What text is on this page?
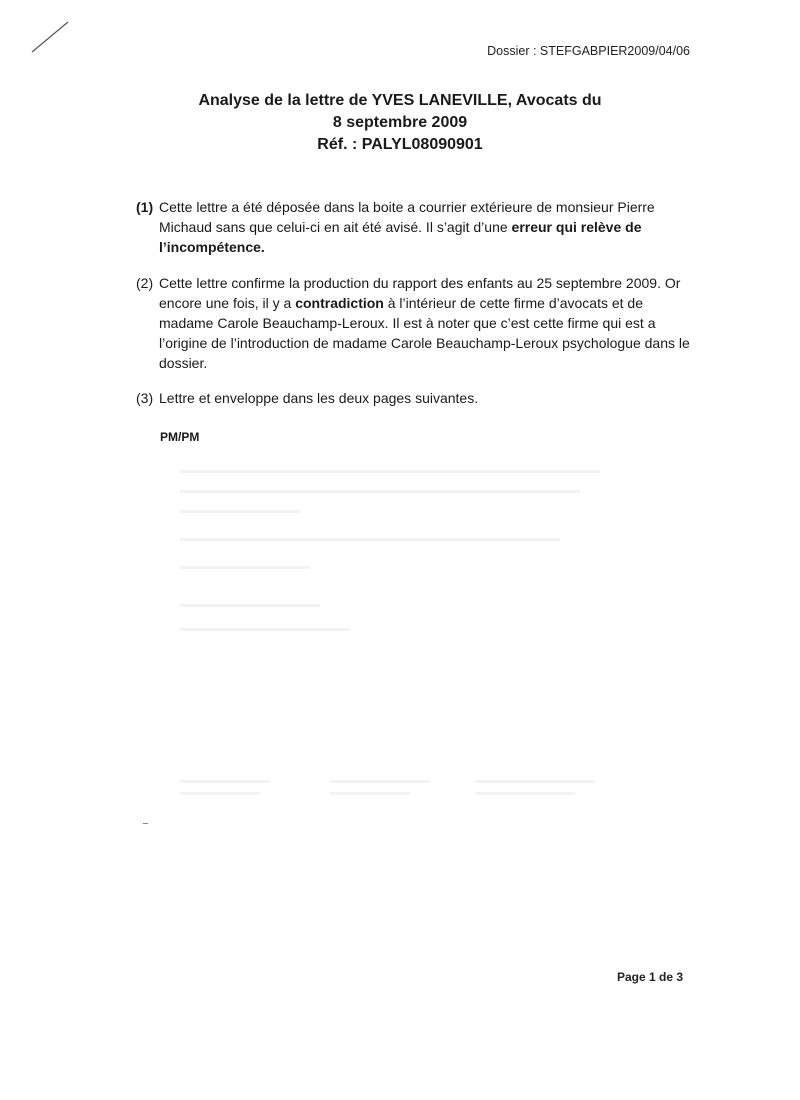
Dossier : STEFGABPIER2009/04/06
Analyse de la lettre de YVES LANEVILLE, Avocats du
8 septembre 2009
Réf. : PALYL08090901
(1) Cette lettre a été déposée dans la boite a courrier extérieure de monsieur Pierre Michaud sans que celui-ci en ait été avisé. Il s’agit d’une erreur qui relève de l’incompétence.
(2) Cette lettre confirme la production du rapport des enfants au 25 septembre 2009. Or encore une fois, il y a contradiction à l’intérieur de cette firme d’avocats et de madame Carole Beauchamp-Leroux. Il est à noter que c’est cette firme qui est a l’origine de l’introduction de madame Carole Beauchamp-Leroux psychologue dans le dossier.
(3) Lettre et enveloppe dans les deux pages suivantes.
PM/PM
Page 1 de 3
